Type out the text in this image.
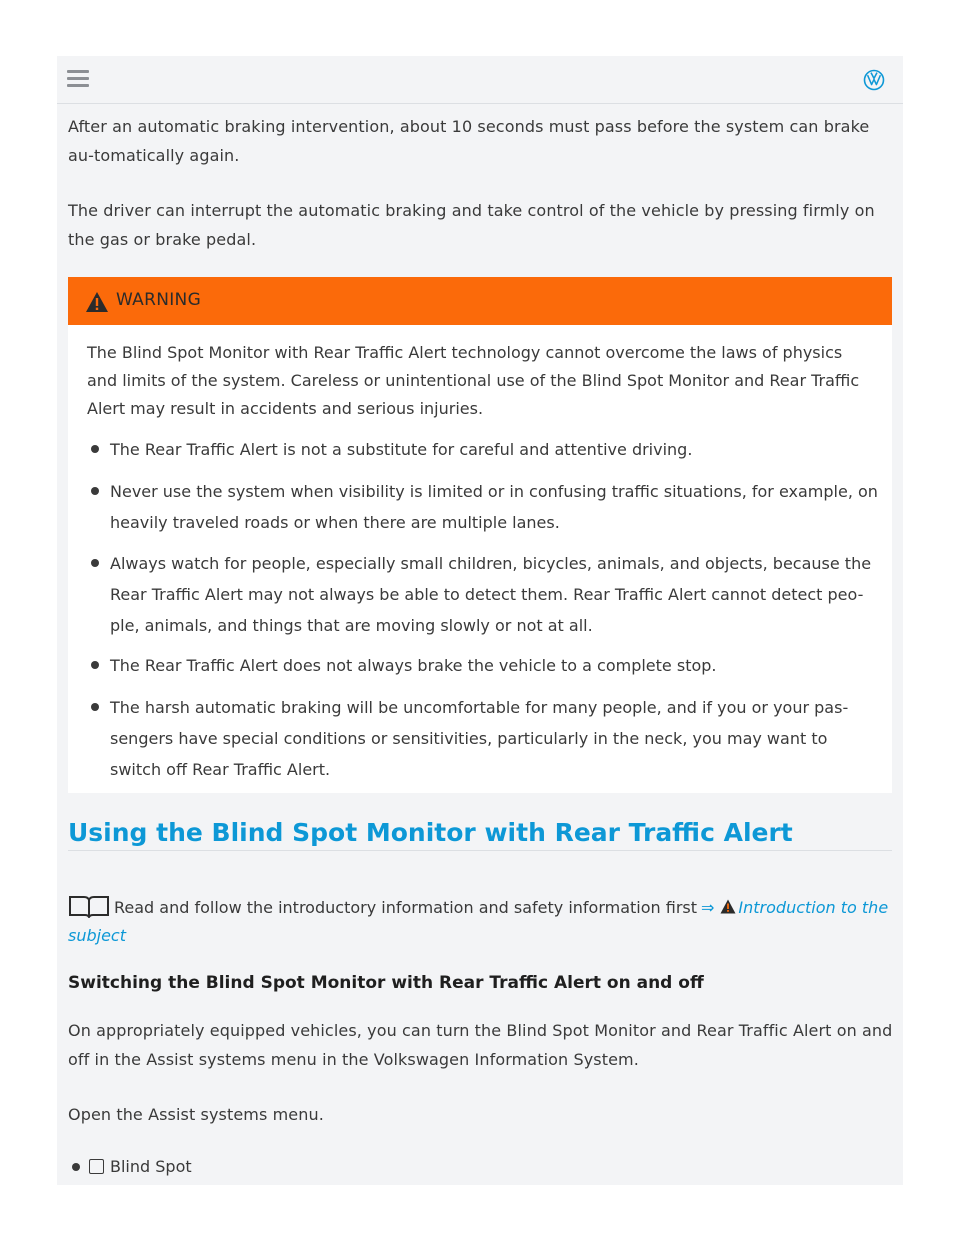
After an automatic braking intervention, about 10 seconds must pass before the system can brake au-tomatically again.

The driver can interrupt the automatic braking and take control of the vehicle by pressing firmly on the gas or brake pedal.

WARNING

The Blind Spot Monitor with Rear Traffic Alert technology cannot overcome the laws of physics and limits of the system. Careless or unintentional use of the Blind Spot Monitor and Rear Traffic Alert may result in accidents and serious injuries.

The Rear Traffic Alert is not a substitute for careful and attentive driving.
Never use the system when visibility is limited or in confusing traffic situations, for example, on heavily traveled roads or when there are multiple lanes.
Always watch for people, especially small children, bicycles, animals, and objects, because the Rear Traffic Alert may not always be able to detect them. Rear Traffic Alert cannot detect peo-ple, animals, and things that are moving slowly or not at all.
The Rear Traffic Alert does not always brake the vehicle to a complete stop.
The harsh automatic braking will be uncomfortable for many people, and if you or your pas-sengers have special conditions or sensitivities, particularly in the neck, you may want to switch off Rear Traffic Alert.
Using the Blind Spot Monitor with Rear Traffic Alert

Read and follow the introductory information and safety information first ⇒ Introduction to the subject

Switching the Blind Spot Monitor with Rear Traffic Alert on and off

On appropriately equipped vehicles, you can turn the Blind Spot Monitor and Rear Traffic Alert on and off in the Assist systems menu in the Volkswagen Information System.

Open the Assist systems menu.

Blind Spot
